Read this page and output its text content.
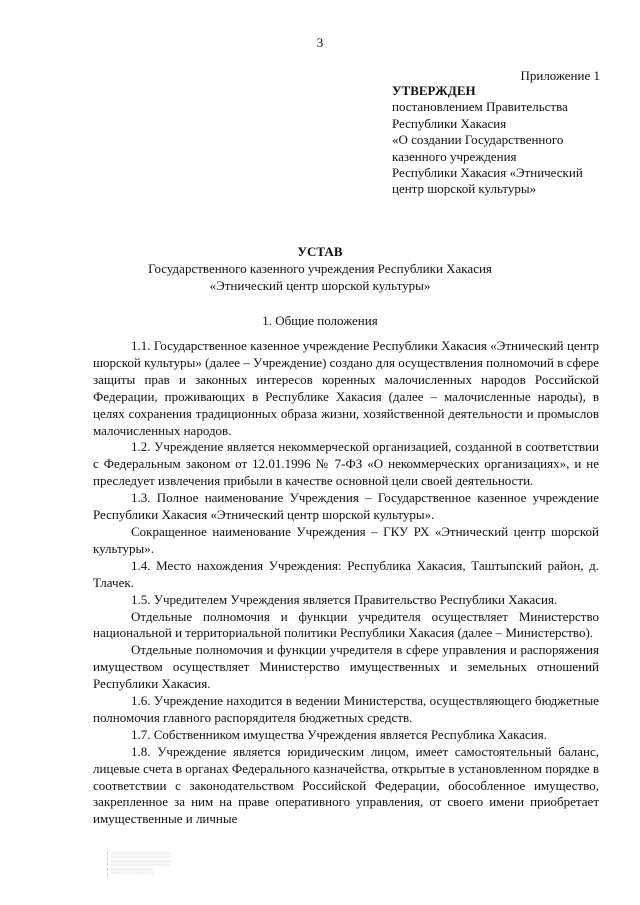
3
Приложение 1
УТВЕРЖДЕН
постановлением Правительства
Республики Хакасия
«О создании Государственного
казенного учреждения
Республики Хакасия «Этнический
центр шорской культуры»
УСТАВ
Государственного казенного учреждения Республики Хакасия
«Этнический центр шорской культуры»
1. Общие положения

1.1. Государственное казенное учреждение Республики Хакасия «Этнический центр шорской культуры» (далее – Учреждение) создано для осуществления полномочий в сфере защиты прав и законных интересов коренных малочисленных народов Российской Федерации, проживающих в Республике Хакасия (далее – малочисленные народы), в целях сохранения традиционных образа жизни, хозяйственной деятельности и промыслов малочисленных народов.

1.2. Учреждение является некоммерческой организацией, созданной в соответствии с Федеральным законом от 12.01.1996 № 7-ФЗ «О некоммерческих организациях», и не преследует извлечения прибыли в качестве основной цели своей деятельности.

1.3. Полное наименование Учреждения – Государственное казенное учреждение Республики Хакасия «Этнический центр шорской культуры».

Сокращенное наименование Учреждения – ГКУ РХ «Этнический центр шорской культуры».

1.4. Место нахождения Учреждения: Республика Хакасия, Таштыпский район, д. Тлачек.

1.5. Учредителем Учреждения является Правительство Республики Хакасия.

Отдельные полномочия и функции учредителя осуществляет Министерство национальной и территориальной политики Республики Хакасия (далее – Министерство).

Отдельные полномочия и функции учредителя в сфере управления и распоряжения имуществом осуществляет Министерство имущественных и земельных отношений Республики Хакасия.

1.6. Учреждение находится в ведении Министерства, осуществляющего бюджетные полномочия главного распорядителя бюджетных средств.

1.7. Собственником имущества Учреждения является Республика Хакасия.

1.8. Учреждение является юридическим лицом, имеет самостоятельный баланс, лицевые счета в органах Федерального казначейства, открытые в установленном порядке в соответствии с законодательством Российской Федерации, обособленное имущество, закрепленное за ним на праве оперативного управления, от своего имени приобретает имущественные и личные

░░░░░░░░░░░░░░
░░░░░░░░░░░░░░
░░░░░░░░░░
